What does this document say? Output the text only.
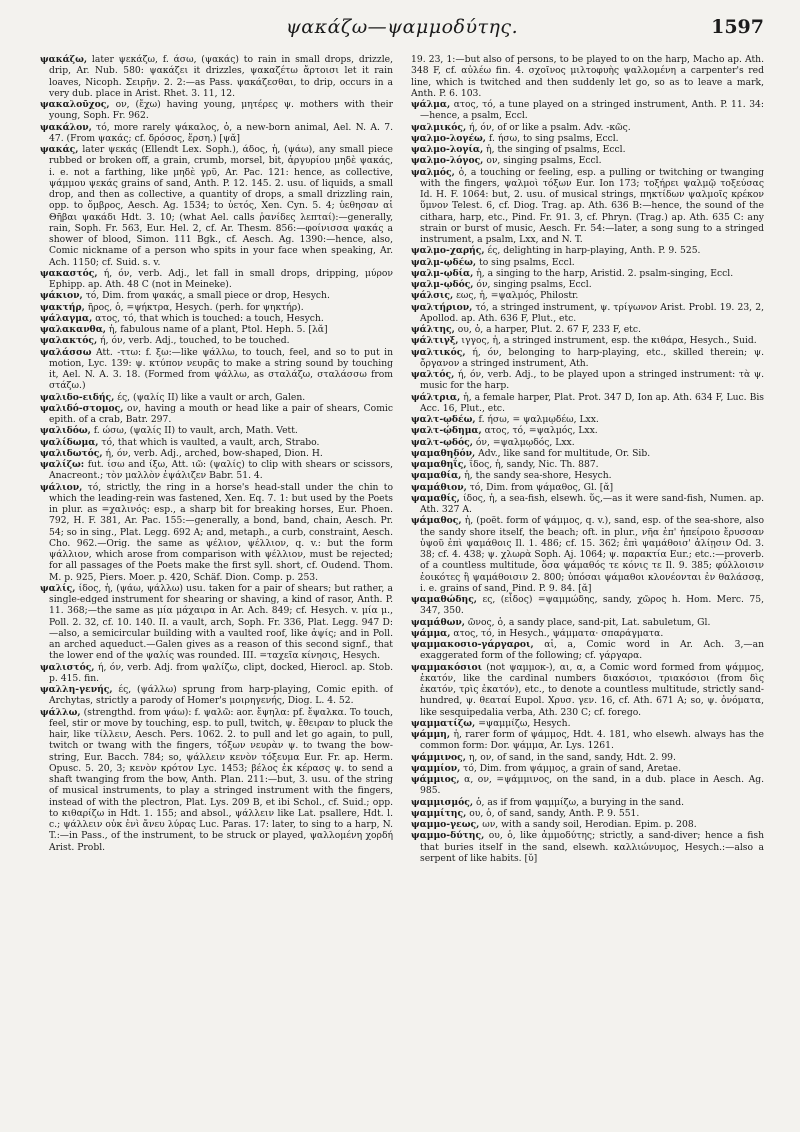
ψακάζω—ψαμμοδύτης.	1597

ψακάζω, later ψεκάζω, f. άσω, (ψακάς) to rain in small drops, drizzle, drip, Ar. Nub. 580: ψακάζει it drizzles, ψακαζέτω ἄρτοισι let it rain loaves, Nicoph. Σειρῆν. 2. 2:—as Pass. ψακάζεσθαι, to drip, occurs in a very dub. place in Arist. Rhet. 3. 11, 12.

ψακαλοῦχος, ον, (ἔχω) having young, μητέρες ψ. mothers with their young, Soph. Fr. 962.

ψακάλον, τό, more rarely ψάκαλος, ὁ, a new-born animal, Ael. N. A. 7. 47. (From ψακάς; cf. δρόσος, ἕρση.) [ψᾰ]

ψακάς, later ψεκάς (Ellendt Lex. Soph.), άδος, ἡ, (ψάω), any small piece rubbed or broken off, a grain, crumb, morsel, bit, ἀργυρίου μηδὲ ψακάς, i. e. not a farthing, like μηδὲ γρῦ, Ar. Pac. 121: hence, as collective, ψάμμου ψεκάς grains of sand, Anth. P. 12. 145. 2. usu. of liquids, a small drop, and then as collective, a quantity of drops, a small drizzling rain, opp. to ὄμβρος, Aesch. Ag. 1534; to ὑετός, Xen. Cyn. 5. 4; ὑεθησαν αἱ Θῆβαι ψακάδι Hdt. 3. 10; (what Ael. calls ῥανίδες λεπταί):—generally, rain, Soph. Fr. 563, Eur. Hel. 2, cf. Ar. Thesm. 856:—φοίνισσα ψακάς a shower of blood, Simon. 111 Bgk., cf. Aesch. Ag. 1390:—hence, also, Comic nickname of a person who spits in your face when speaking, Ar. Ach. 1150; cf. Suid. s. v.

ψακαστός, ή, όν, verb. Adj., let fall in small drops, dripping, μύρον Ephipp. ap. Ath. 48 C (not in Meineke).

ψάκιον, τό, Dim. from ψακάς, a small piece or drop, Hesych.

ψακτήρ, ῆρος, ὁ, =ψήκτρα, Hesych. (perh. for ψηκτήρ).

ψάλαγμα, ατος, τό, that which is touched: a touch, Hesych.

ψαλακανθα, ἡ, fabulous name of a plant, Ptol. Heph. 5. [λᾰ]

ψαλακτός, ή, όν, verb. Adj., touched, to be touched.

ψαλάσσω Att. -ττω: f. ξω:—like ψάλλω, to touch, feel, and so to put in motion, Lyc. 139: ψ. κτύπον νευρᾶς to make a string sound by touching it, Ael. N. A. 3. 18. (Formed from ψάλλω, as σταλάζω, σταλάσσω from στάζω.)

ψαλιδο-ειδής, ές, (ψαλίς II) like a vault or arch, Galen.

ψαλιδό-στομος, ον, having a mouth or head like a pair of shears, Comic epith. of a crab, Batr. 297.

ψαλιδόω, f. ώσω, (ψαλίς II) to vault, arch, Math. Vett.

ψαλίδωμα, τό, that which is vaulted, a vault, arch, Strabo.

ψαλιδωτός, ή, όν, verb. Adj., arched, bow-shaped, Dion. H.

ψαλίζω: fut. ίσω and ίξω, Att. ιῶ: (ψαλίς) to clip with shears or scissors, Anacreont.; τὸν μαλλὸν ἐψάλιζεν Babr. 51. 4.

ψάλιον, τό, strictly, the ring in a horse's head-stall under the chin to which the leading-rein was fastened, Xen. Eq. 7. 1: but used by the Poets in plur. as =χαλινός: esp., a sharp bit for breaking horses, Eur. Phoen. 792, H. F. 381, Ar. Pac. 155:—generally, a bond, band, chain, Aesch. Pr. 54; so in sing., Plat. Legg. 692 A; and, metaph., a curb, constraint, Aesch. Cho. 962.—Orig. the same as ψέλιον, ψέλλιον, q. v.: but the form ψάλλιον, which arose from comparison with ψέλλιον, must be rejected; for all passages of the Poets make the first syll. short, cf. Oudend. Thom. M. p. 925, Piers. Moer. p. 420, Schäf. Dion. Comp. p. 253.

ψαλίς, ίδος, ἡ, (ψάω, ψάλλω) usu. taken for a pair of shears; but rather, a single-edged instrument for shearing or shaving, a kind of rasor, Anth. P. 11. 368;—the same as μία μάχαιρα in Ar. Ach. 849; cf. Hesych. v. μία μ., Poll. 2. 32, cf. 10. 140. II. a vault, arch, Soph. Fr. 336, Plat. Legg. 947 D:—also, a semicircular building with a vaulted roof, like ἁψίς; and in Poll. an arched aqueduct.—Galen gives as a reason of this second signf., that the lower end of the ψαλίς was rounded. III. =ταχεῖα κίνησις, Hesych.

ψαλιστός, ή, όν, verb. Adj. from ψαλίζω, clipt, docked, Hierocl. ap. Stob. p. 415. fin.

ψαλλη-γενής, ές, (ψάλλω) sprung from harp-playing, Comic epith. of Archytas, strictly a parody of Homer's μοιρηγενής, Diog. L. 4. 52.

ψάλλω, (strengthd. from ψάω): f. ψαλῶ: aor. ἔψηλα: pf. ἔψαλκα. To touch, feel, stir or move by touching, esp. to pull, twitch, ψ. ἔθειραν to pluck the hair, like τίλλειν, Aesch. Pers. 1062. 2. to pull and let go again, to pull, twitch or twang with the fingers, τόξων νευρὰν ψ. to twang the bow-string, Eur. Bacch. 784; so, ψάλλειν κενὸν τόξευμα Eur. Fr. ap. Herm. Opusc. 5. 20, 3; κενὸν κρότον Lyc. 1453; βέλος ἐκ κέρασς ψ. to send a shaft twanging from the bow, Anth. Plan. 211:—but, 3. usu. of the string of musical instruments, to play a stringed instrument with the fingers, instead of with the plectron, Plat. Lys. 209 B, et ibi Schol., cf. Suid.; opp. to κιθαρίζω in Hdt. 1. 155; and absol., ψάλλειν like Lat. psallere, Hdt. l. c.; ψάλλειν οὐκ ἐνὶ ἄνευ λύρας Luc. Paras. 17: later, to sing to a harp, N. T.:—in Pass., of the instrument, to be struck or played, ψαλλομένη χορδή Arist. Probl.

19. 23, 1:—but also of persons, to be played to on the harp, Macho ap. Ath. 348 F, cf. αὐλέω fin. 4. σχοῖνος μιλτοφυὴς ψαλλομένη a carpenter's red line, which is twitched and then suddenly let go, so as to leave a mark, Anth. P. 6. 103.

ψάλμα, ατος, τό, a tune played on a stringed instrument, Anth. P. 11. 34:—hence, a psalm, Eccl.

ψαλμικός, ή, όν, of or like a psalm. Adv. -κῶς.

ψαλμο-λογέω, f. ήσω, to sing psalms, Eccl.

ψαλμο-λογία, ἡ, the singing of psalms, Eccl.

ψαλμο-λόγος, ον, singing psalms, Eccl.

ψαλμός, ὁ, a touching or feeling, esp. a pulling or twitching or twanging with the fingers, ψαλμοὶ τόξων Eur. Ion 173; τοξήρει ψαλμῷ τοξεύσας Id. H. F. 1064: but, 2. usu. of musical strings, πηκτίδων ψαλμοῖς κρέκον ὕμνον Telest. 6, cf. Diog. Trag. ap. Ath. 636 B:—hence, the sound of the cithara, harp, etc., Pind. Fr. 91. 3, cf. Phryn. (Trag.) ap. Ath. 635 C: any strain or burst of music, Aesch. Fr. 54:—later, a song sung to a stringed instrument, a psalm, Lxx, and N. T.

ψαλμο-χαρής, ές, delighting in harp-playing, Anth. P. 9. 525.

ψαλμ-ῳδέω, to sing psalms, Eccl.

ψαλμ-ῳδία, ἡ, a singing to the harp, Aristid. 2. psalm-singing, Eccl.

ψαλμ-ῳδός, όν, singing psalms, Eccl.

ψάλσις, εως, ἡ, =ψαλμός, Philostr.

ψαλτήριον, τό, a stringed instrument, ψ. τρίγωνον Arist. Probl. 19. 23, 2, Apollod. ap. Ath. 636 F, Plut., etc.

ψάλτης, ου, ὁ, a harper, Plut. 2. 67 F, 233 F, etc.

ψάλτιγξ, ιγγος, ἡ, a stringed instrument, esp. the κιθάρα, Hesych., Suid.

ψαλτικός, ή, όν, belonging to harp-playing, etc., skilled therein; ψ. ὄργανον a stringed instrument, Ath.

ψαλτός, ή, όν, verb. Adj., to be played upon a stringed instrument: τὰ ψ. music for the harp.

ψάλτρια, ἡ, a female harper, Plat. Prot. 347 D, Ion ap. Ath. 634 F, Luc. Bis Acc. 16, Plut., etc.

ψαλτ-ῳδέω, f. ήσω, = ψαλμῳδέω, Lxx.

ψαλτ-ῴδημα, ατος, τό, =ψαλμός, Lxx.

ψαλτ-ῳδός, όν, =ψαλμῳδός, Lxx.

ψαμαθηδόν, Adv., like sand for multitude, Or. Sib.

ψαμαθηΐς, ΐδος, ἡ, sandy, Nic. Th. 887.

ψαμαθία, ἡ, the sandy sea-shore, Hesych.

ψαμάθιον, τό, Dim. from ψάμαθος, Gl. [ᾰ]

ψαμαθίς, ίδος, ἡ, a sea-fish, elsewh. ὕς,—as it were sand-fish, Numen. ap. Ath. 327 A.

ψάμαθος, ἡ, (poët. form of ψάμμος, q. v.), sand, esp. of the sea-shore, also the sandy shore itself, the beach; oft. in plur., νῆα ἐπ' ἠπείροιο ἔρυσσαν ὑψοῦ ἐπὶ ψαμάθοις Il. 1. 486; cf. 15. 362; ἐπὶ ψαμάθοισ' ἁλίῃσιν Od. 3. 38; cf. 4. 438; ψ. χλωρὰ Soph. Aj. 1064; ψ. παρακτία Eur.; etc.:—proverb. of a countless multitude, ὅσα ψάμαθός τε κόνις τε Il. 9. 385; φύλλοισιν ἐοικότες ἢ ψαμάθοισιν 2. 800; ὑπόσαι ψάμαθοι κλονέονται ἐν θαλάσσᾳ, i. e. grains of sand, Pind. P. 9. 84. [ᾰ]

ψαμαθώδης, ες, (εἶδος) =ψαμμώδης, sandy, χῶρος h. Hom. Merc. 75, 347, 350.

ψαμάθων, ῶνος, ὁ, a sandy place, sand-pit, Lat. sabuletum, Gl.

ψάμμα, ατος, τό, in Hesych., ψάμματα· σπαράγματα.

ψαμμακοσιο-γάργαροι, αἱ, a, Comic word in Ar. Ach. 3,—an exaggerated form of the following; cf. γάργαρα.

ψαμμακόσιοι (not ψαμμοκ-), αι, α, a Comic word formed from ψάμμος, ἑκατόν, like the cardinal numbers διακόσιοι, τριακόσιοι (from δὶς ἑκατόν, τρὶς ἑκατόν), etc., to denote a countless multitude, strictly sand-hundred, ψ. θεαταί Eupol. Χρυσ. γεν. 16, cf. Ath. 671 A; so, ψ. ὀνόματα, like sesquipedalia verba, Ath. 230 C; cf. forego.

ψαμματίζω, =ψαμμίζω, Hesych.

ψάμμη, ἡ, rarer form of ψάμμος, Hdt. 4. 181, who elsewh. always has the common form: Dor. ψάμμα, Ar. Lys. 1261.

ψάμμινος, η, ον, of sand, in the sand, sandy, Hdt. 2. 99.

ψαμμίον, τό, Dim. from ψάμμος, a grain of sand, Aretae.

ψάμμιος, α, ον, =ψάμμινος, on the sand, in a dub. place in Aesch. Ag. 985.

ψαμμισμός, ὁ, as if from ψαμμίζω, a burying in the sand.

ψαμμίτης, ου, ὁ, of sand, sandy, Anth. P. 9. 551.

ψαμμο-γεως, ων, with a sandy soil, Herodian. Epim. p. 208.

ψαμμο-δύτης, ου, ὁ, like ἀμμοδύτης; strictly, a sand-diver; hence a fish that buries itself in the sand, elsewh. καλλιώνυμος, Hesych.:—also a serpent of like habits. [ῠ]
